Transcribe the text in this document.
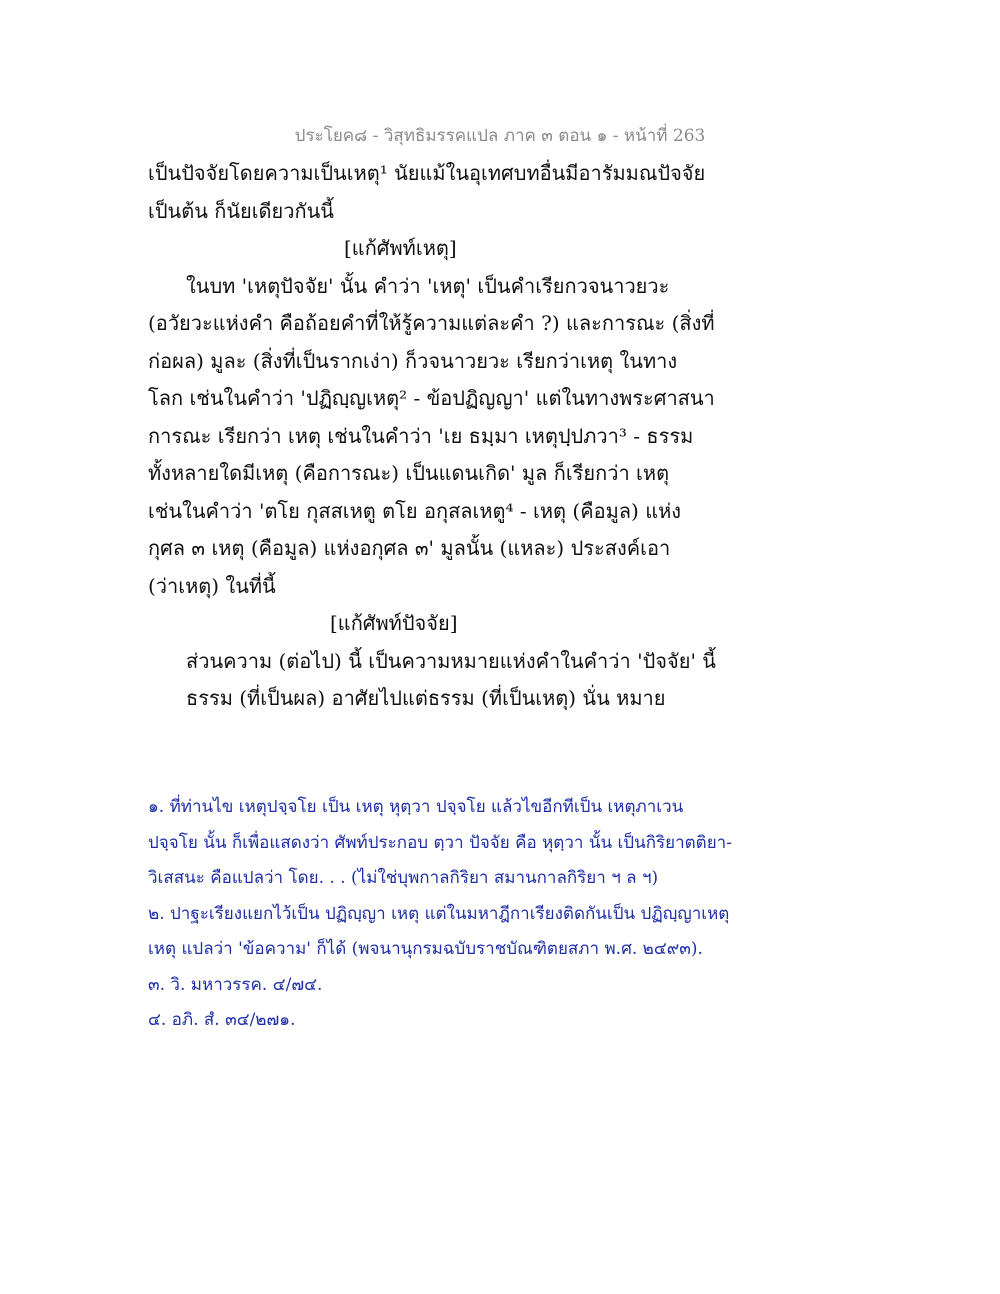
ประโยค๘ - วิสุทธิมรรคแปล ภาค ๓ ตอน ๑ - หน้าที่ 263
เป็นปัจจัยโดยความเป็นเหตุ¹ นัยแม้ในอุเทศบทอื่นมีอารัมมณปัจจัย
เป็นต้น ก็นัยเดียวกันนี้
[แก้ศัพท์เหตุ]
ในบท 'เหตุปัจจัย' นั้น คำว่า 'เหตุ' เป็นคำเรียกวจนาวยวะ
(อวัยวะแห่งคำ คือถ้อยคำที่ให้รู้ความแต่ละคำ ?) และการณะ (สิ่งที่
ก่อผล) มูละ (สิ่งที่เป็นรากเง่า) ก็วจนาวยวะ เรียกว่าเหตุ ในทาง
โลก เช่นในคำว่า 'ปฏิญฺญเหตุ² - ข้อปฏิญญา' แต่ในทางพระศาสนา
การณะ เรียกว่า เหตุ เช่นในคำว่า 'เย ธมฺมา เหตุปฺปภวา³ - ธรรม
ทั้งหลายใดมีเหตุ (คือการณะ) เป็นแดนเกิด' มูล ก็เรียกว่า เหตุ
เช่นในคำว่า 'ตโย กุสสเหตู ตโย อกุสลเหตู⁴ - เหตุ (คือมูล) แห่ง
กุศล ๓ เหตุ (คือมูล) แห่งอกุศล ๓' มูลนั้น (แหละ) ประสงค์เอา
(ว่าเหตุ) ในที่นี้
[แก้ศัพท์ปัจจัย]
ส่วนความ (ต่อไป) นี้ เป็นความหมายแห่งคำในคำว่า 'ปัจจัย' นี้
ธรรม (ที่เป็นผล) อาศัยไปแต่ธรรม (ที่เป็นเหตุ) นั่น หมาย
๑. ที่ท่านไข เหตุปจฺจโย เป็น เหตุ หุตฺวา ปจฺจโย แล้วไขอีกทีเป็น เหตุภาเวน
ปจฺจโย นั้น ก็เพื่อแสดงว่า ศัพท์ประกอบ ตฺวา ปัจจัย คือ หุตฺวา นั้น เป็นกิริยาตติยา-
วิเสสนะ คือแปลว่า โดย. . . (ไม่ใช่บุพกาลกิริยา สมานกาลกิริยา ฯ ล ฯ)
๒. ปาฐะเรียงแยกไว้เป็น ปฏิญฺญา เหตุ แต่ในมหาฎีกาเรียงติดกันเป็น ปฏิญฺญาเหตุ
เหตุ แปลว่า 'ข้อความ' ก็ได้ (พจนานุกรมฉบับราชบัณฑิตยสภา พ.ศ. ๒๔๙๓).
๓. วิ. มหาวรรค. ๔/๗๔.
๔. อภิ. สํ. ๓๔/๒๗๑.
